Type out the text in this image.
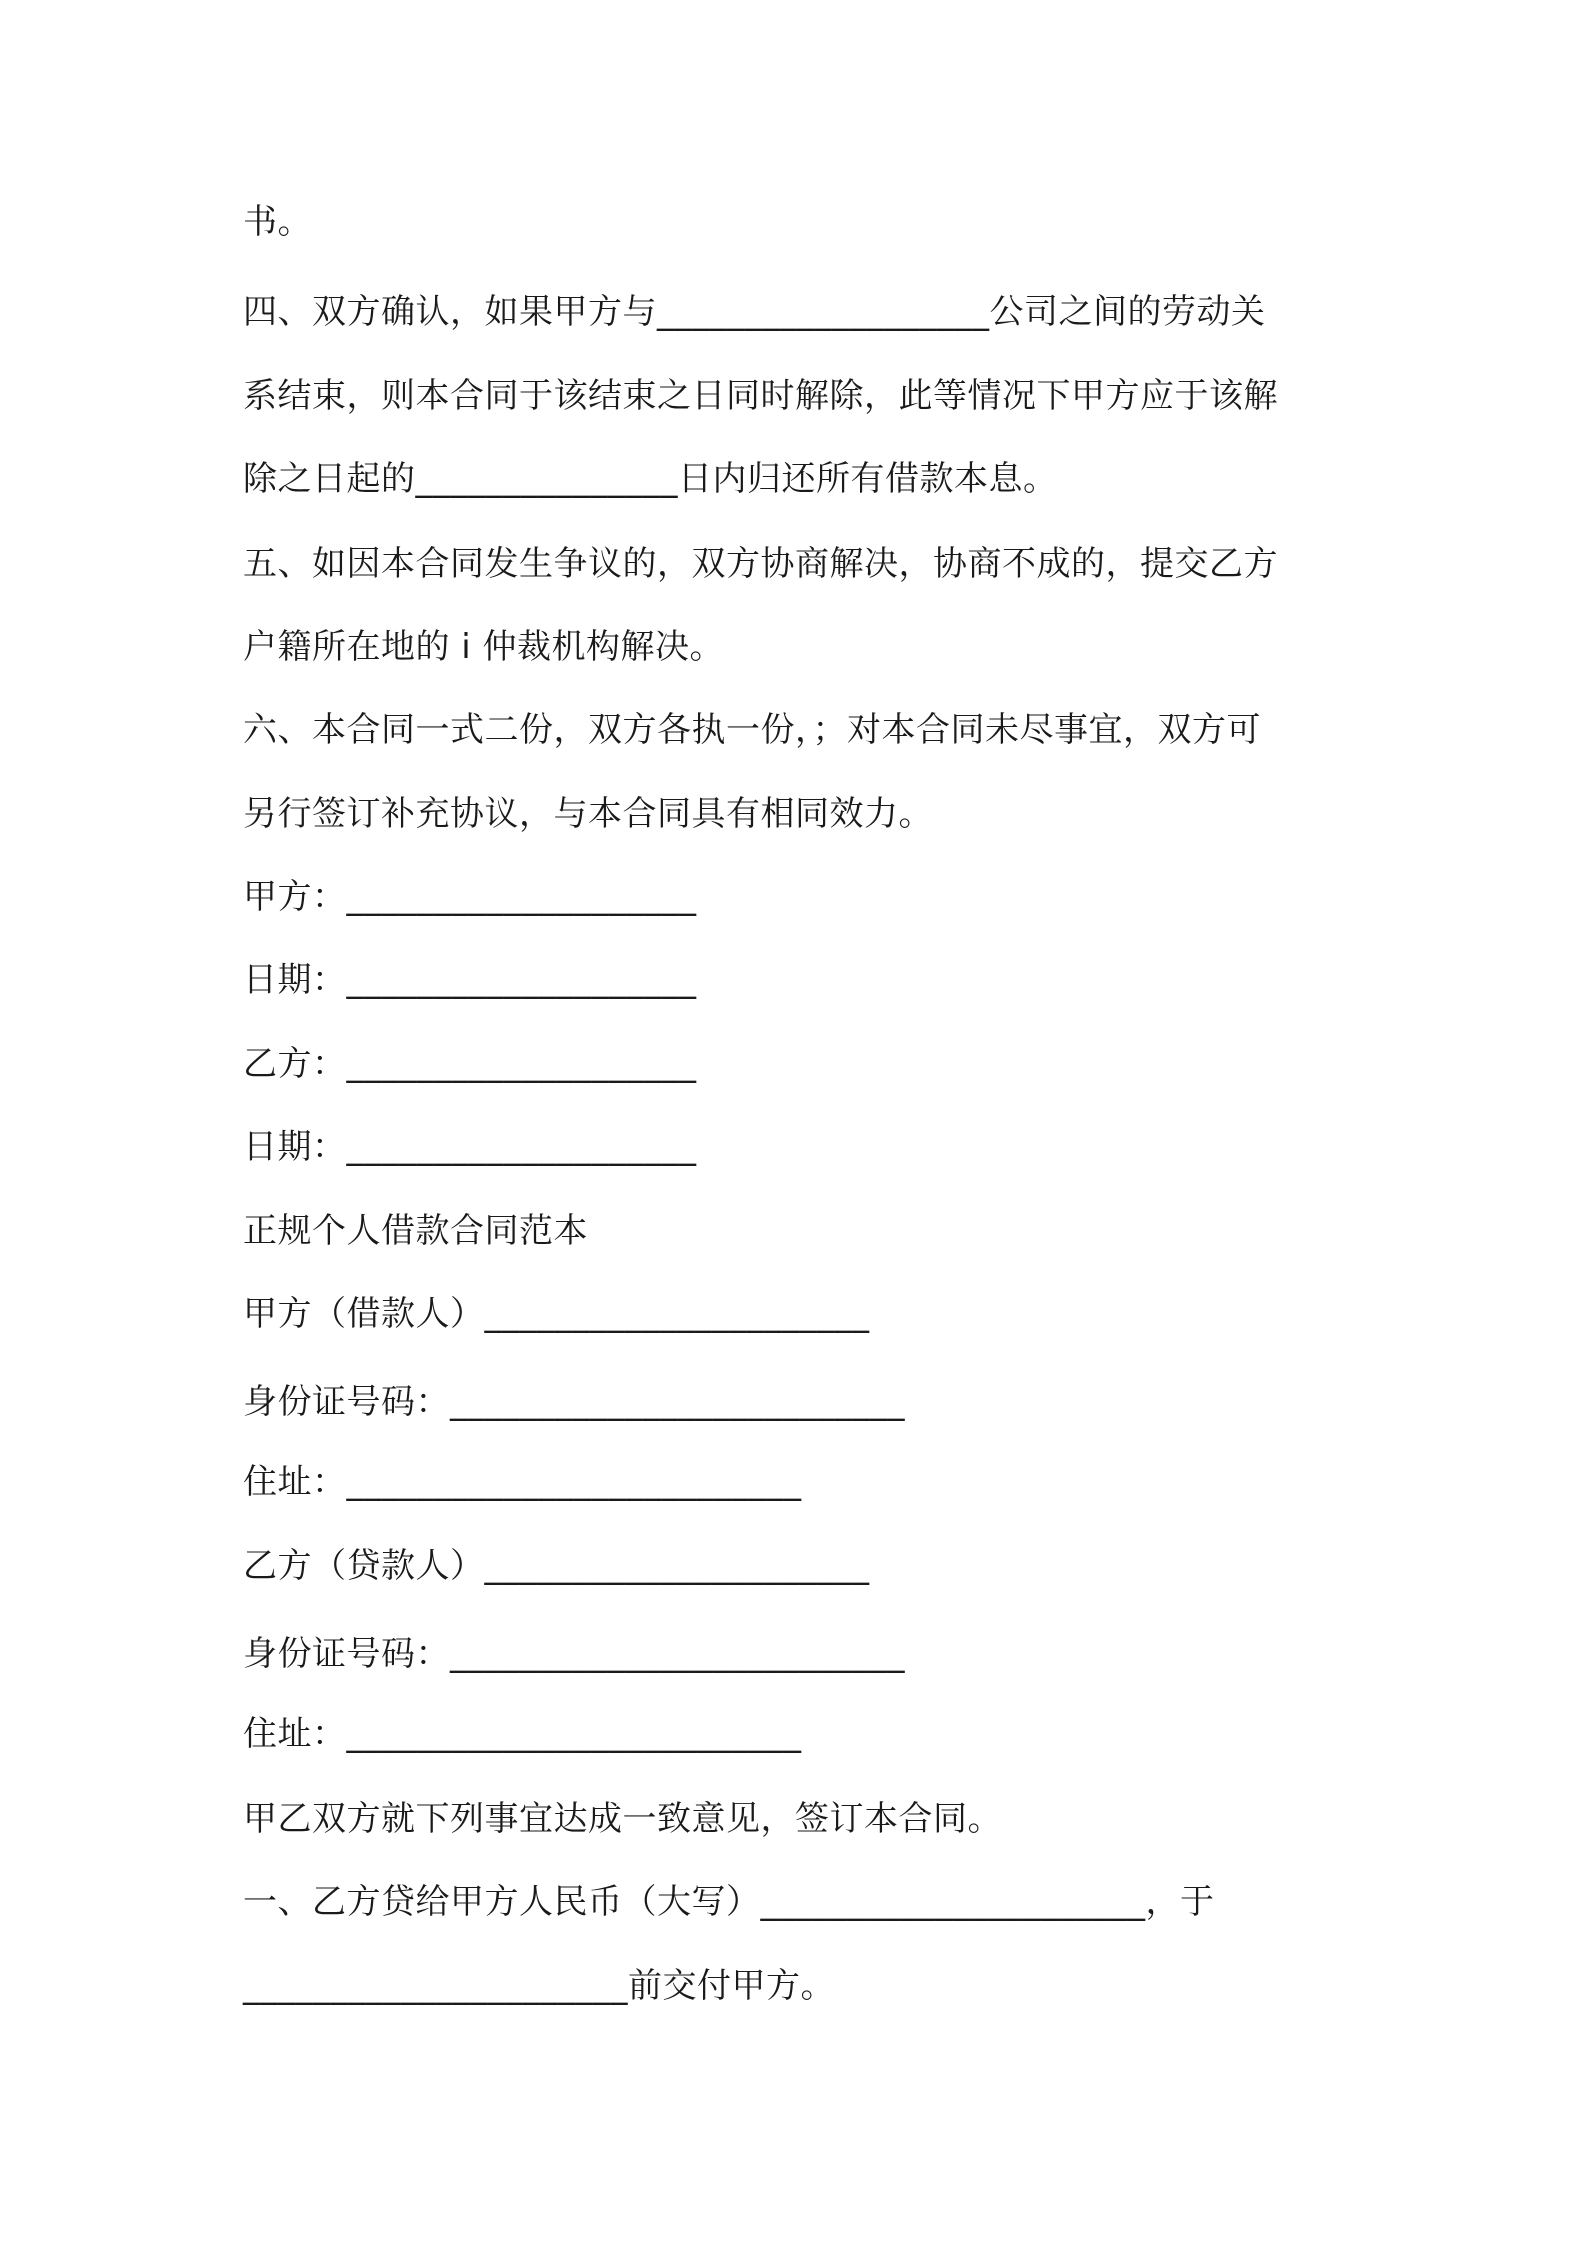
书。
四、双方确认，如果甲方与___________________公司之间的劳动关
系结束，则本合同于该结束之日同时解除，此等情况下甲方应于该解
除之日起的_______________日内归还所有借款本息。
五、如因本合同发生争议的，双方协商解决，协商不成的，提交乙方
户籍所在地的 i 仲裁机构解决。
六、本合同一式二份，双方各执一份，；对本合同未尽事宜，双方可
另行签订补充协议，与本合同具有相同效力。
甲方：____________________
日期：____________________
乙方：____________________
日期：____________________
正规个人借款合同范本
甲方（借款人）______________________
身份证号码：__________________________
住址：__________________________
乙方（贷款人）______________________
身份证号码：__________________________
住址：__________________________
甲乙双方就下列事宜达成一致意见，签订本合同。
一、乙方贷给甲方人民币（大写）______________________，于
______________________前交付甲方。
